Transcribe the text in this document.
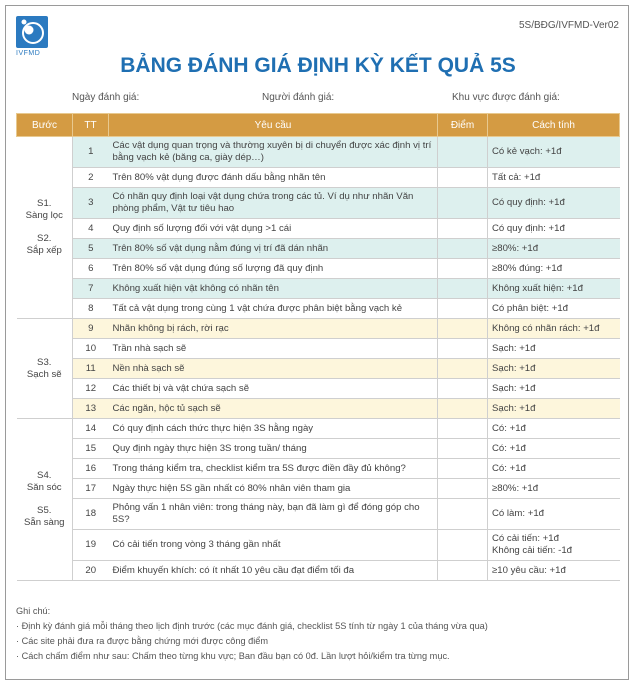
IVFMD
5S/BĐG/IVFMD-Ver02
BẢNG ĐÁNH GIÁ ĐỊNH KỲ KẾT QUẢ 5S
Ngày đánh giá:	Người đánh giá:	Khu vực được đánh giá:
Bước	TT	Yêu cầu	Điểm	Cách tính

S1.
Sàng lọc
S2.
Sắp xếp	1	Các vật dụng quan trọng và thường xuyên bị di chuyển được xác định vị trí bằng vạch kẻ (băng ca, giày dép…)		Có kẻ vạch: +1đ
	2	Trên 80% vật dụng được đánh dấu bằng nhãn tên		Tất cả: +1đ
	3	Có nhãn quy định loại vật dụng chứa trong các tủ. Ví dụ như nhãn Văn phòng phẩm, Vật tư tiêu hao		Có quy định: +1đ
	4	Quy định số lượng đối với vật dụng >1 cái		Có quy định: +1đ
	5	Trên 80% số vật dụng nằm đúng vị trí đã dán nhãn		≥80%: +1đ
	6	Trên 80% số vật dụng đúng số lượng đã quy định		≥80% đúng: +1đ
	7	Không xuất hiện vật không có nhãn tên		Không xuất hiện: +1đ
	8	Tất cả vật dụng trong cùng 1 vật chứa được phân biệt bằng vạch kẻ		Có phân biệt: +1đ

S3.
Sạch sẽ	9	Nhãn không bị rách, rời rạc		Không có nhãn rách: +1đ
	10	Trần nhà sạch sẽ		Sạch: +1đ
	11	Nền nhà sạch sẽ		Sạch: +1đ
	12	Các thiết bị và vật chứa sạch sẽ		Sạch: +1đ
	13	Các ngăn, hộc tủ sạch sẽ		Sạch: +1đ

S4.
Săn sóc
S5.
Sẵn sàng	14	Có quy định cách thức thực hiện 3S hằng ngày		Có: +1đ
	15	Quy định ngày thực hiện 3S trong tuần/ tháng		Có: +1đ
	16	Trong tháng kiểm tra, checklist kiểm tra 5S được điền đầy đủ không?		Có: +1đ
	17	Ngày thực hiện 5S gần nhất có 80% nhân viên tham gia		≥80%: +1đ
	18	Phỏng vấn 1 nhân viên: trong tháng này, bạn đã làm gì để đóng góp cho 5S?		Có làm: +1đ
	19	Có cải tiến trong vòng 3 tháng gần nhất		Có cải tiến: +1đ
Không cải tiến: -1đ
	20	Điểm khuyến khích: có ít nhất 10 yêu cầu đạt điểm tối đa		≥10 yêu cầu: +1đ
Ghi chú:
· Định kỳ đánh giá mỗi tháng theo lịch định trước (các mục đánh giá, checklist 5S tính từ ngày 1 của tháng vừa qua)
· Các site phải đưa ra được bằng chứng mới được công điểm
· Cách chấm điểm như sau: Chấm theo từng khu vực; Ban đầu bạn có 0đ. Lần lượt hỏi/kiểm tra từng mục.
